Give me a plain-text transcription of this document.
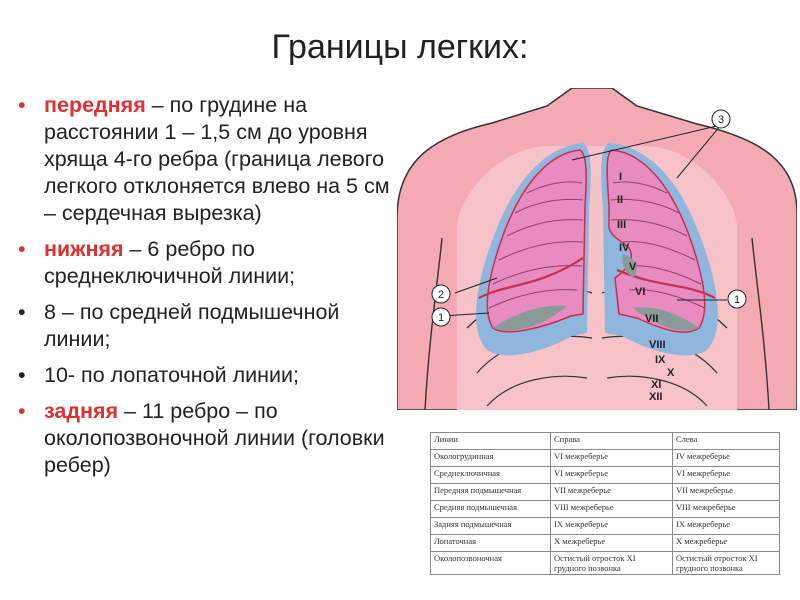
Границы легких:
• передняя – по грудине на расстоянии 1 – 1,5 см до уровня хряща 4-го ребра (граница левого легкого отклоняется влево на 5 см – сердечная вырезка)
• нижняя – 6 ребро по среднеключичной линии;
• 8 – по средней подмышечной линии;
• 10- по лопаточной линии;
• задняя – 11 ребро – по околопозвоночной линии (головки ребер)
I
II
III
IV
V
VI
VII
VIII
IX
X
XI
XII
3
2
1
1
Линии	Справа	Слева
Окологрудинная	VI межреберье	IV межреберье
Среднеключичная	VI межреберье	VI межреберье
Передняя подмышечная	VII межреберье	VII межреберье
Средняя подмышечная	VIII межреберье	VIII межреберье
Задняя подмышечная	IX межреберье	IX межреберье
Лопаточная	X межреберье	X межреберье
Околопозвоночная	Остистый отросток XI грудного позвонка	Остистый отросток XI грудного позвонка
